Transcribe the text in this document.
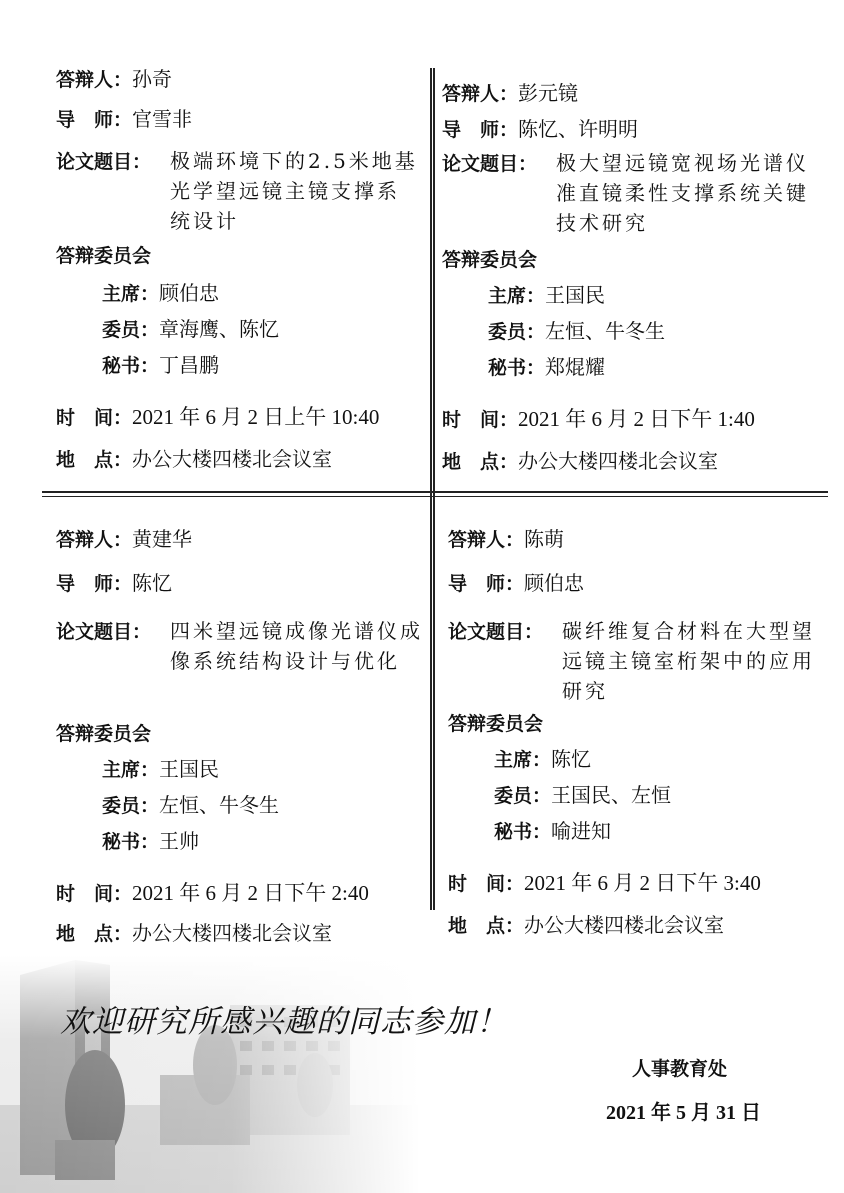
答辩人：孙奇
导　师：官雪非
论文题目： 极端环境下的2.5米地基光学望远镜主镜支撑系统设计
答辩委员会
主席：顾伯忠
委员：章海鹰、陈忆
秘书：丁昌鹏
时　间：2021 年 6 月 2 日上午 10:40
地　点：办公大楼四楼北会议室
答辩人：彭元镜
导　师：陈忆、许明明
论文题目： 极大望远镜宽视场光谱仪准直镜柔性支撑系统关键技术研究
答辩委员会
主席：王国民
委员：左恒、牛冬生
秘书：郑焜耀
时　间：2021 年 6 月 2 日下午 1:40
地　点：办公大楼四楼北会议室
答辩人：黄建华
导　师：陈忆
论文题目： 四米望远镜成像光谱仪成像系统结构设计与优化
答辩委员会
主席：王国民
委员：左恒、牛冬生
秘书：王帅
时　间：2021 年 6 月 2 日下午 2:40
地　点：办公大楼四楼北会议室
答辩人：陈萌
导　师：顾伯忠
论文题目： 碳纤维复合材料在大型望远镜主镜室桁架中的应用研究
答辩委员会
主席：陈忆
委员：王国民、左恒
秘书：喻进知
时　间：2021 年 6 月 2 日下午 3:40
地　点：办公大楼四楼北会议室
欢迎研究所感兴趣的同志参加！
人事教育处
2021 年 5 月 31 日
